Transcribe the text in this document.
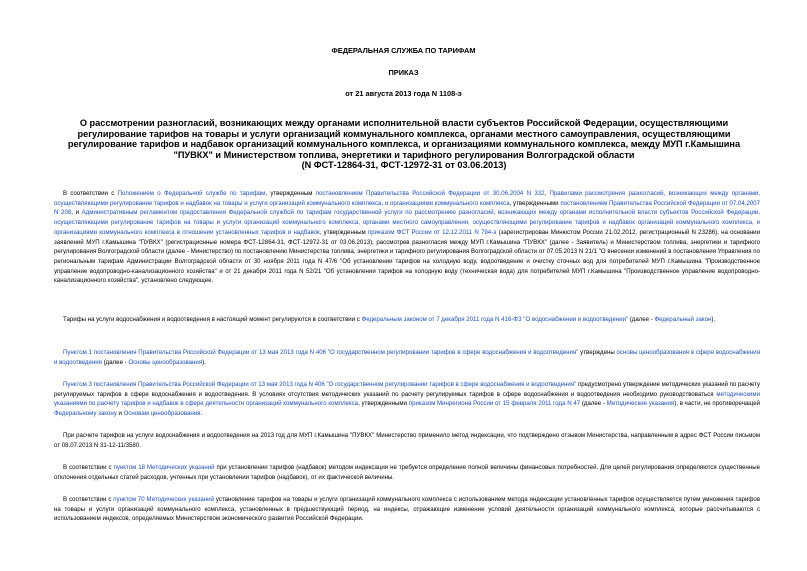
ФЕДЕРАЛЬНАЯ СЛУЖБА ПО ТАРИФАМ
ПРИКАЗ
от 21 августа 2013 года N 1108-э

О рассмотрении разногласий, возникающих между органами исполнительной власти субъектов Российской Федерации, осуществляющими регулирование тарифов на товары и услуги организаций коммунального комплекса, органами местного самоуправления, осуществляющими регулирование тарифов и надбавок организаций коммунального комплекса, и организациями коммунального комплекса, между МУП г.Камышина "ПУВКХ" и Министерством топлива, энергетики и тарифного регулирования Волгоградской области
(N ФСТ-12864-31, ФСТ-12972-31 от 03.06.2013)

В соответствии с Положением о Федеральной службе по тарифам, утвержденным постановлением Правительства Российской Федерации от 30.06.2004 N 332, Правилами рассмотрения разногласий, возникающих между органами, осуществляющими регулирование тарифов и надбавок на товары и услуги организаций коммунального комплекса, и организациями коммунального комплекса, утвержденными постановлением Правительства Российской Федерации от 07.04.2007 N 208, и Административным регламентом предоставления Федеральной службой по тарифам государственной услуги по рассмотрению разногласий, возникающих между органами исполнительной власти субъектов Российской Федерации, осуществляющими регулирование тарифов на товары и услуги организаций коммунального комплекса, органами местного самоуправления, осуществляющими регулирование тарифов и надбавок организаций коммунального комплекса, и организациями коммунального комплекса в отношении установленных тарифов и надбавок, утвержденным приказом ФСТ России от 12.12.2011 N 794-э (зарегистрирован Минюстом России 21.02.2012, регистрационный N 23286), на основании заявлений МУП г.Камышина "ПУВКХ" (регистрационные номера ФСТ-12864-31, ФСТ-12972-31 от 03.06.2013), рассмотрев разногласия между МУП г.Камышина "ПУВКХ" (далее - Заявитель) и Министерством топлива, энергетики и тарифного регулирования Волгоградской области (далее - Министерство) по постановлению Министерства топлива, энергетики и тарифного регулирования Волгоградской области от 07.05.2013 N 21/1 "О внесении изменений в постановления Управления по региональным тарифам Администрации Волгоградской области от 30 ноября 2011 года N 47/6 "Об установлении тарифов на холодную воду, водоотведение и очистку сточных вод для потребителей МУП г.Камышина "Производственное управление водопроводно-канализационного хозяйства" и от 21 декабря 2011 года N 52/21 "Об установлении тарифов на холодную воду (техническая вода) для потребителей МУП г.Камышина "Производственное управление водопроводно-канализационного хозяйства", установлено следующее.

Тарифы на услуги водоснабжения и водоотведения в настоящий момент регулируются в соответствии с Федеральным законом от 7 декабря 2011 года N 416-ФЗ "О водоснабжении и водоотведении" (далее - Федеральный закон).

Пунктом 1 постановления Правительства Российской Федерации от 13 мая 2013 года N 406 "О государственном регулировании тарифов в сфере водоснабжения и водоотведения" утверждены основы ценообразования в сфере водоснабжения и водоотведения (далее - Основы ценообразования).

Пунктом 3 постановления Правительства Российской Федерации от 13 мая 2013 года N 406 "О государственном регулировании тарифов в сфере водоснабжения и водоотведения" предусмотрено утверждение методических указаний по расчету регулируемых тарифов в сфере водоснабжения и водоотведения. В условиях отсутствия методических указаний по расчету регулируемых тарифов в сфере водоснабжения и водоотведения необходимо руководствоваться методическими указаниями по расчету тарифов и надбавок в сфере деятельности организаций коммунального комплекса, утвержденными приказом Минрегиона России от 15 февраля 2011 года N 47 (далее - Методические указания), в части, не противоречащей Федеральному закону и Основам ценообразования.

При расчете тарифов на услуги водоснабжения и водоотведения на 2013 год для МУП г.Камышина "ПУВКХ" Министерство применило метод индексации, что подтверждено отзывом Министерства, направленным в адрес ФСТ России письмом от 08.07.2013 N 31-12-11/3580.

В соответствии с пунктом 18 Методических указаний при установлении тарифов (надбавок) методом индексации не требуется определение полной величины финансовых потребностей. Для целей регулирования определяются существенные отклонения отдельных статей расходов, учтенных при установлении тарифов (надбавок), от их фактической величины.

В соответствии с пунктом 70 Методических указаний установление тарифов на товары и услуги организаций коммунального комплекса с использованием метода индексации установленных тарифов осуществляется путем умножения тарифов на товары и услуги организаций коммунального комплекса, установленных в предшествующий период, на индексы, отражающие изменение условий деятельности организаций коммунального комплекса, которые рассчитываются с использованием индексов, определяемых Министерством экономического развития Российской Федерации.
